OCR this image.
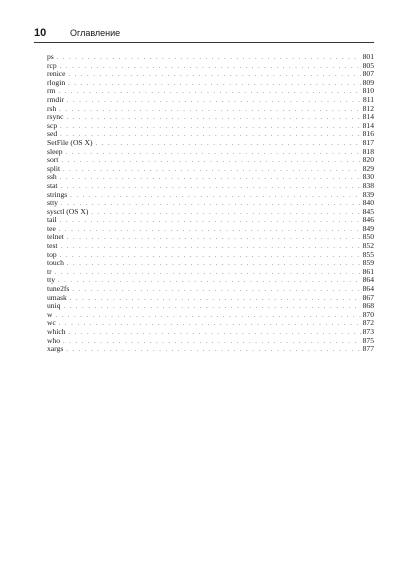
10	Оглавление
ps . . .	801
rcp . . .	805
renice . . .	807
rlogin . . .	809
rm . . .	810
rmdir . . .	811
rsh . . .	812
rsync . . .	814
scp . . .	814
sed . . .	816
SetFile (OS X) . . .	817
sleep . . .	818
sort . . .	820
split . . .	829
ssh . . .	830
stat . . .	838
strings . . .	839
stty . . .	840
sysctl (OS X) . . .	845
tail . . .	846
tee . . .	849
telnet . . .	850
test . . .	852
top . . .	855
touch . . .	859
tr . . .	861
tty . . .	864
tune2fs . . .	864
umask . . .	867
uniq . . .	868
w . . .	870
wc . . .	872
which . . .	873
who . . .	875
xargs . . .	877
